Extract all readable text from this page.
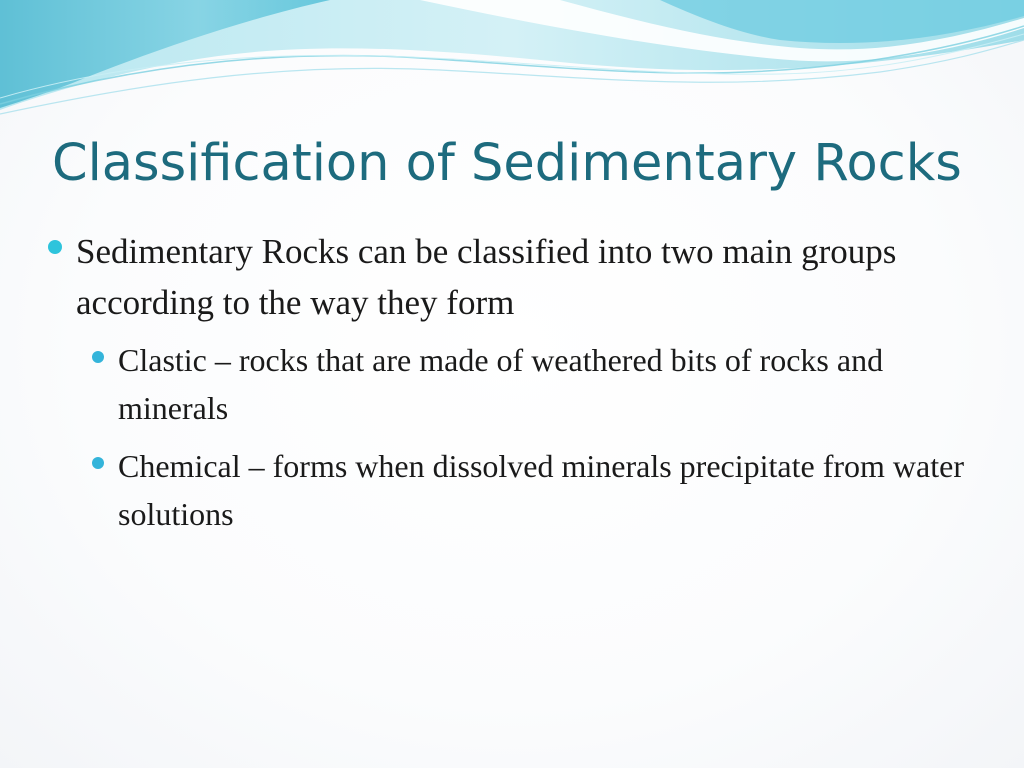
Classification of Sedimentary Rocks
Sedimentary Rocks can be classified into two main groups according to the way they form
Clastic – rocks that are made of weathered bits of rocks and minerals
Chemical – forms when dissolved minerals precipitate from water solutions
